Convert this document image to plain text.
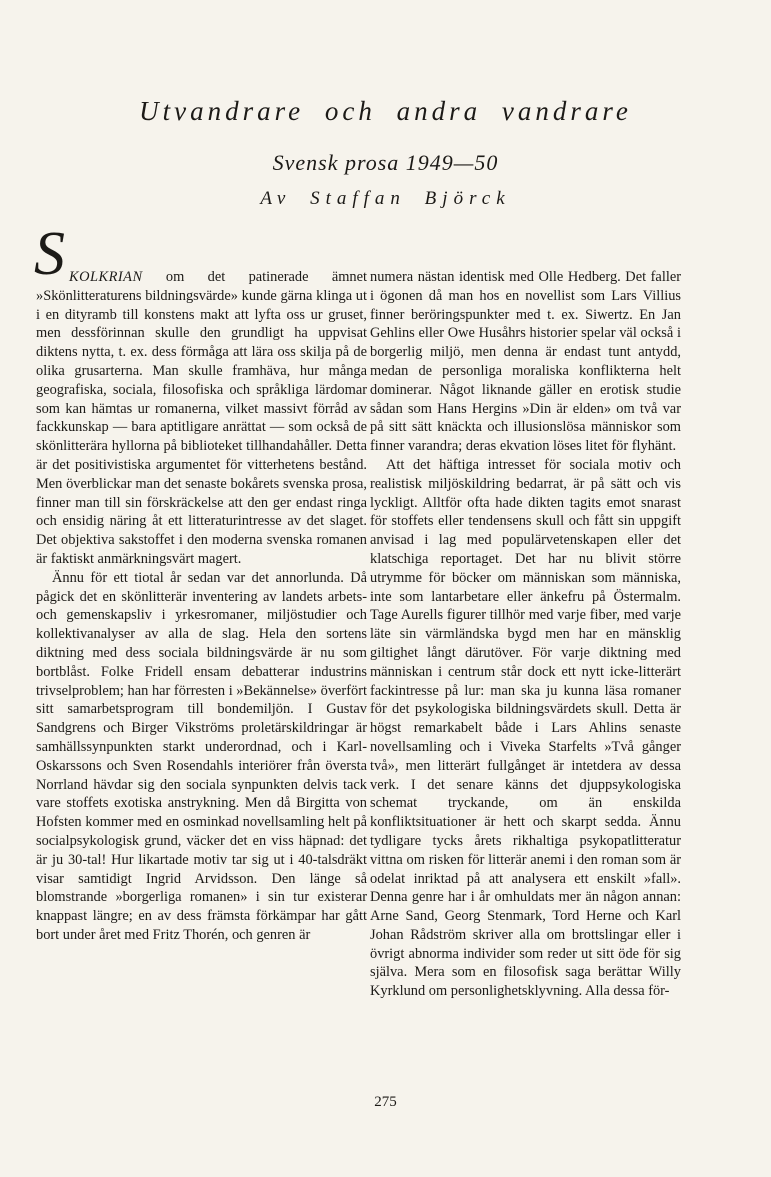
Utvandrare och andra vandrare
Svensk prosa 1949—50
Av Staffan Björck

SKOLKRIAN om det patinerade ämnet »Skönlitteraturens bildningsvärde» kunde gärna klinga ut i en dityramb till konstens makt att lyfta oss ur gruset, men dessförinnan skulle den grundligt ha uppvisat diktens nytta, t. ex. dess förmåga att lära oss skilja på de olika grusarterna. Man skulle framhäva, hur många geografiska, sociala, filosofiska och språkliga lärdomar som kan hämtas ur romanerna, vilket massivt förråd av fackkunskap — bara aptitligare anrättat — som också de skönlitterära hyllorna på biblioteket tillhandahåller. Detta är det positivistiska argumentet för vitterhetens bestånd. Men överblickar man det senaste bokårets svenska prosa, finner man till sin förskräckelse att den ger endast ringa och ensidig näring åt ett litteraturintresse av det slaget. Det objektiva sakstoffet i den moderna svenska romanen är faktiskt anmärkningsvärt magert.

Ännu för ett tiotal år sedan var det annorlunda. Då pågick det en skönlitterär inventering av landets arbets- och gemenskapsliv i yrkesromaner, miljöstudier och kollektivanalyser av alla de slag. Hela den sortens diktning med dess sociala bildningsvärde är nu som bortblåst. Folke Fridell ensam debatterar industrins trivselproblem; han har förresten i »Bekännelse» överfört sitt samarbetsprogram till bondemiljön. I Gustav Sandgrens och Birger Vikströms proletärskildringar är samhällssynpunkten starkt underordnad, och i Karl-Oskarssons och Sven Rosendahls interiörer från översta Norrland hävdar sig den sociala synpunkten delvis tack vare stoffets exotiska anstrykning. Men då Birgitta von Hofsten kommer med en osminkad novellsamling helt på socialpsykologisk grund, väcker det en viss häpnad: det är ju 30-tal! Hur likartade motiv tar sig ut i 40-talsdräkt visar samtidigt Ingrid Arvidsson. Den länge så blomstrande »borgerliga romanen» i sin tur existerar knappast längre; en av dess främsta förkämpar har gått bort under året med Fritz Thorén, och genren är

numera nästan identisk med Olle Hedberg. Det faller i ögonen då man hos en novellist som Lars Villius finner beröringspunkter med t. ex. Siwertz. En Jan Gehlins eller Owe Husåhrs historier spelar väl också i borgerlig miljö, men denna är endast tunt antydd, medan de personliga moraliska konflikterna helt dominerar. Något liknande gäller en erotisk studie sådan som Hans Hergins »Din är elden» om två var på sitt sätt knäckta och illusionslösa människor som finner varandra; deras ekvation löses litet för flyhänt.

Att det häftiga intresset för sociala motiv och realistisk miljöskildring bedarrat, är på sätt och vis lyckligt. Alltför ofta hade dikten tagits emot snarast för stoffets eller tendensens skull och fått sin uppgift anvisad i lag med populärvetenskapen eller det klatschiga reportaget. Det har nu blivit större utrymme för böcker om människan som människa, inte som lantarbetare eller änkefru på Östermalm. Tage Aurells figurer tillhör med varje fiber, med varje läte sin värmländska bygd men har en mänsklig giltighet långt därutöver. För varje diktning med människan i centrum står dock ett nytt icke-litterärt fackintresse på lur: man ska ju kunna läsa romaner för det psykologiska bildningsvärdets skull. Detta är högst remarkabelt både i Lars Ahlins senaste novellsamling och i Viveka Starfelts »Två gånger två», men litterärt fullgånget är intetdera av dessa verk. I det senare känns det djuppsykologiska schemat tryckande, om än enskilda konfliktsituationer är hett och skarpt sedda. Ännu tydligare tycks årets rikhaltiga psykopatlitteratur vittna om risken för litterär anemi i den roman som är odelat inriktad på att analysera ett enskilt »fall». Denna genre har i år omhuldats mer än någon annan: Arne Sand, Georg Stenmark, Tord Herne och Karl Johan Rådström skriver alla om brottslingar eller i övrigt abnorma individer som reder ut sitt öde för sig själva. Mera som en filosofisk saga berättar Willy Kyrklund om personlighetsklyvning. Alla dessa för-

275
